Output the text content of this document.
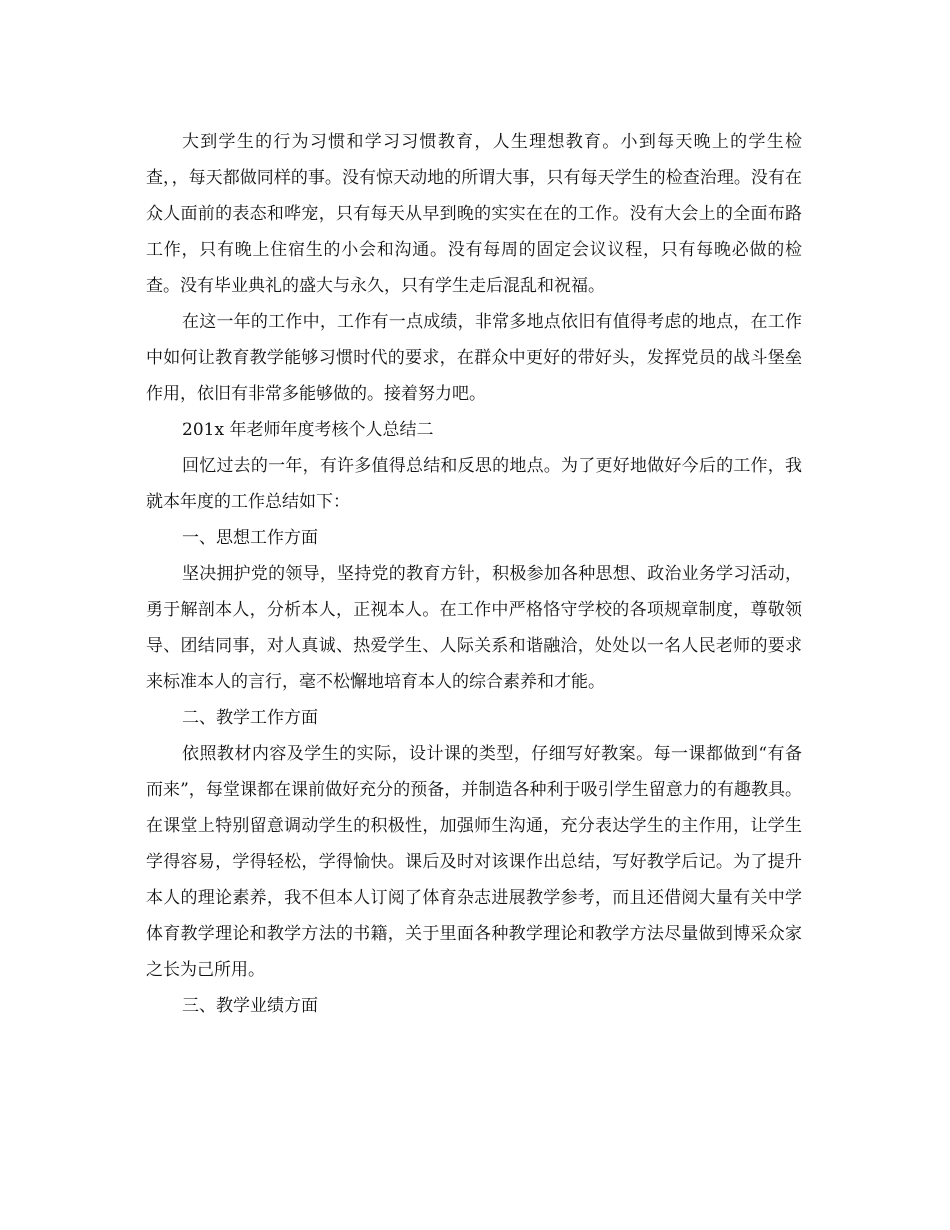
大到学生的行为习惯和学习习惯教育，人生理想教育。小到每天晚上的学生检查，，每天都做同样的事。没有惊天动地的所谓大事，只有每天学生的检查治理。没有在众人面前的表态和哗宠，只有每天从早到晚的实实在在的工作。没有大会上的全面布路工作，只有晚上住宿生的小会和沟通。没有每周的固定会议议程，只有每晚必做的检查。没有毕业典礼的盛大与永久，只有学生走后混乱和祝福。

在这一年的工作中，工作有一点成绩，非常多地点依旧有值得考虑的地点，在工作中如何让教育教学能够习惯时代的要求，在群众中更好的带好头，发挥党员的战斗堡垒作用，依旧有非常多能够做的。接着努力吧。

201x 年老师年度考核个人总结二

回忆过去的一年，有许多值得总结和反思的地点。为了更好地做好今后的工作，我就本年度的工作总结如下：

一、思想工作方面

坚决拥护党的领导，坚持党的教育方针，积极参加各种思想、政治业务学习活动，勇于解剖本人，分析本人，正视本人。在工作中严格恪守学校的各项规章制度，尊敬领导、团结同事，对人真诚、热爱学生、人际关系和谐融洽，处处以一名人民老师的要求来标准本人的言行，毫不松懈地培育本人的综合素养和才能。

二、教学工作方面

依照教材内容及学生的实际，设计课的类型，仔细写好教案。每一课都做到“有备而来”，每堂课都在课前做好充分的预备，并制造各种利于吸引学生留意力的有趣教具。在课堂上特别留意调动学生的积极性，加强师生沟通，充分表达学生的主作用，让学生学得容易，学得轻松，学得愉快。课后及时对该课作出总结，写好教学后记。为了提升本人的理论素养，我不但本人订阅了体育杂志进展教学参考，而且还借阅大量有关中学体育教学理论和教学方法的书籍，关于里面各种教学理论和教学方法尽量做到博采众家之长为己所用。

三、教学业绩方面
